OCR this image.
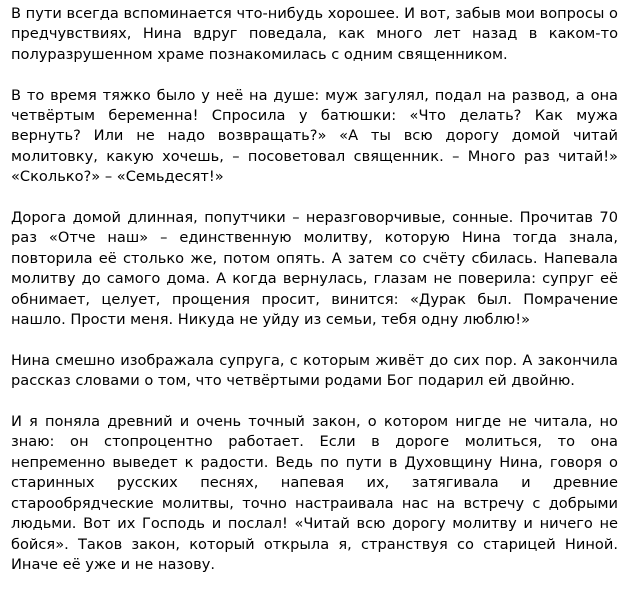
В пути всегда вспоминается что-нибудь хорошее. И вот, забыв мои вопросы о предчувствиях, Нина вдруг поведала, как много лет назад в каком-то полуразрушенном храме познакомилась с одним священником.

В то время тяжко было у неё на душе: муж загулял, подал на развод, а она четвёртым беременна! Спросила у батюшки: «Что делать? Как мужа вернуть? Или не надо возвращать?» «А ты всю дорогу домой читай молитовку, какую хочешь, – посоветовал священник. – Много раз читай!» «Сколько?» – «Семьдесят!»

Дорога домой длинная, попутчики – неразговорчивые, сонные. Прочитав 70 раз «Отче наш» – единственную молитву, которую Нина тогда знала, повторила её столько же, потом опять. А затем со счёту сбилась. Напевала молитву до самого дома. А когда вернулась, глазам не поверила: супруг её обнимает, целует, прощения просит, винится: «Дурак был. Помрачение нашло. Прости меня. Никуда не уйду из семьи, тебя одну люблю!»

Нина смешно изображала супруга, с которым живёт до сих пор. А закончила рассказ словами о том, что четвёртыми родами Бог подарил ей двойню.

И я поняла древний и очень точный закон, о котором нигде не читала, но знаю: он стопроцентно работает. Если в дороге молиться, то она непременно выведет к радости. Ведь по пути в Духовщину Нина, говоря о старинных русских песнях, напевая их, затягивала и древние старообрядческие молитвы, точно настраивала нас на встречу с добрыми людьми. Вот их Господь и послал! «Читай всю дорогу молитву и ничего не бойся». Таков закон, который открыла я, странствуя со старицей Ниной. Иначе её уже и не назову.
